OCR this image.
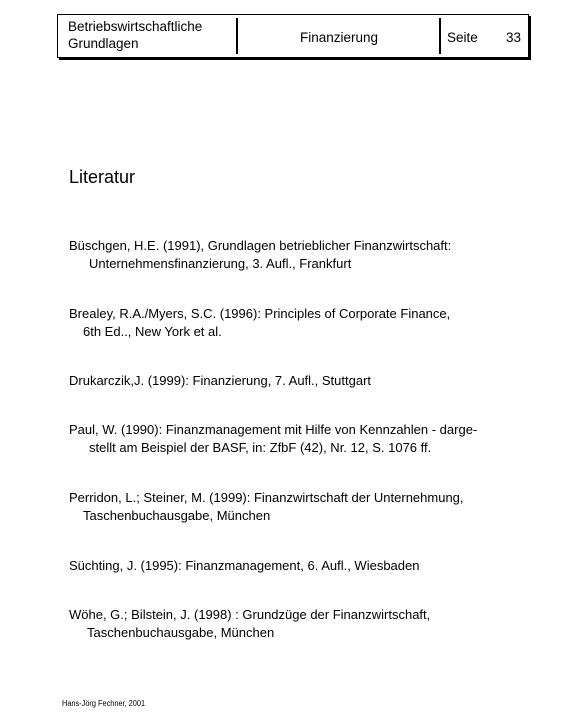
Betriebswirtschaftliche
Grundlagen	Finanzierung	Seite 33
Literatur
Büschgen, H.E. (1991), Grundlagen betrieblicher Finanzwirtschaft:
Unternehmensfinanzierung, 3. Aufl., Frankfurt
Brealey, R.A./Myers, S.C. (1996): Principles of Corporate Finance,
6th Ed.., New York et al.
Drukarczik,J. (1999): Finanzierung, 7. Aufl., Stuttgart
Paul, W. (1990): Finanzmanagement mit Hilfe von Kennzahlen - darge-
stellt am Beispiel der BASF, in: ZfbF (42), Nr. 12, S. 1076 ff.
Perridon, L.; Steiner, M. (1999): Finanzwirtschaft der Unternehmung,
Taschenbuchausgabe, München
Süchting, J. (1995): Finanzmanagement, 6. Aufl., Wiesbaden
Wöhe, G.; Bilstein, J. (1998) : Grundzüge der Finanzwirtschaft,
Taschenbuchausgabe, München
Hans-Jörg Fechner, 2001
